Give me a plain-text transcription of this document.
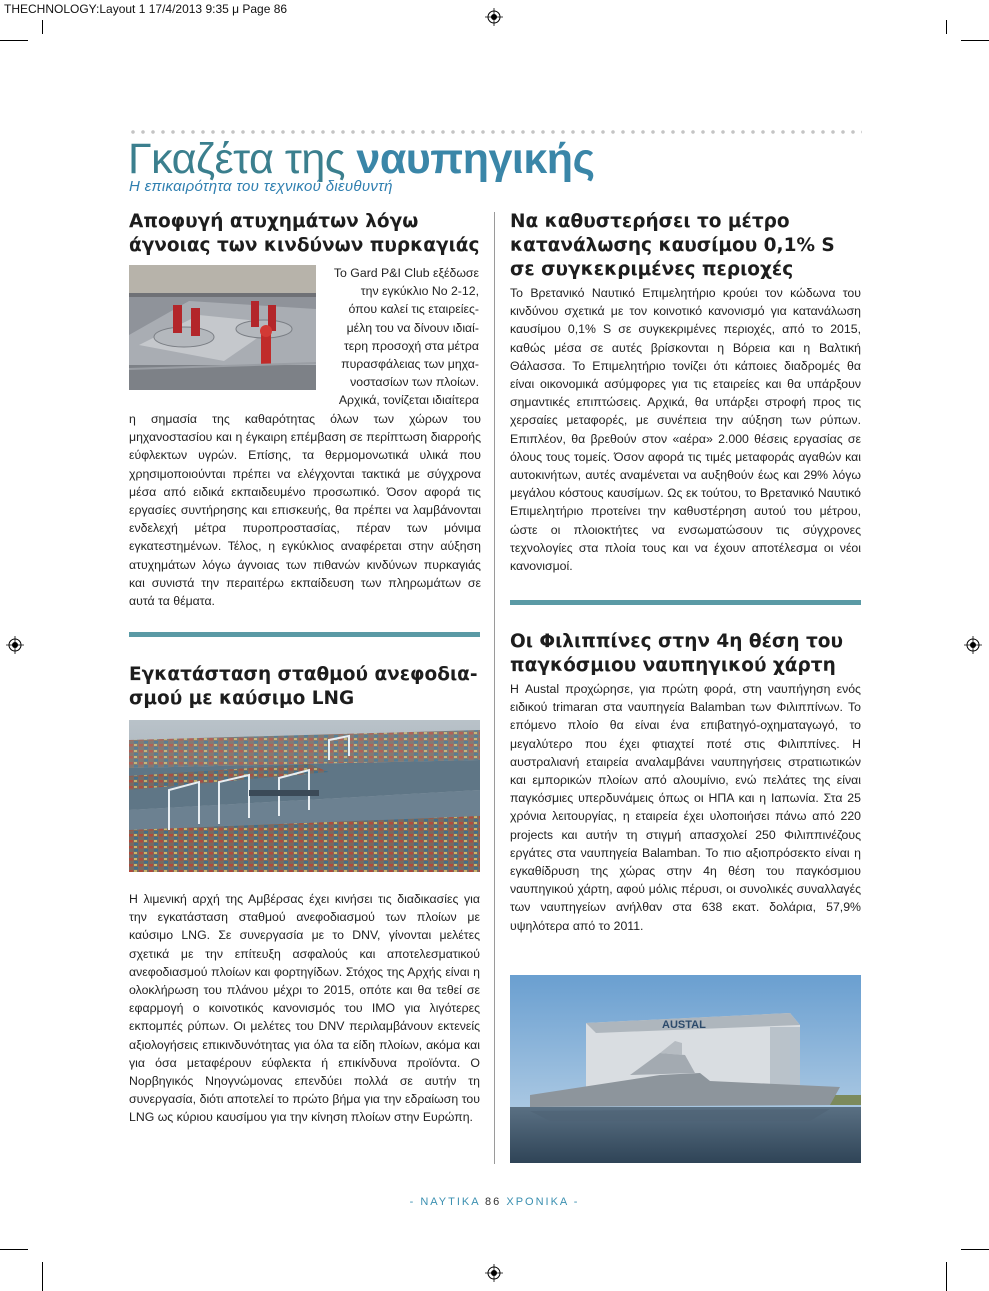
THECHNOLOGY:Layout 1 17/4/2013 9:35 μ Page 86
Γκαζέτα της ναυπηγικής
Η επικαιρότητα του τεχνικού διευθυντή
Αποφυγή ατυχημάτων λόγω
άγνοιας των κινδύνων πυρκαγιάς
Το Gard P&I Club εξέδωσε
την εγκύκλιο Νο 2-12,
όπου καλεί τις εταιρείες-
μέλη του να δίνουν ιδιαί-
τερη προσοχή στα μέτρα
πυρασφάλειας των μηχα-
νοστασίων των πλοίων.
Αρχικά, τονίζεται ιδιαίτερα

η σημασία της καθαρότητας όλων των χώρων του μηχανοστασίου και η έγκαιρη επέμβαση σε περίπτωση διαρροής εύφλεκτων υγρών. Επίσης, τα θερμομονωτικά υλικά που χρησιμοποιούνται πρέπει να ελέγχονται τακτικά με σύγχρονα μέσα από ειδικά εκπαιδευμένο προσωπικό. Όσον αφορά τις εργασίες συντήρησης και επισκευής, θα πρέπει να λαμβάνονται ενδελεχή μέτρα πυροπροστασίας, πέραν των μόνιμα εγκατεστημένων. Τέλος, η εγκύκλιος αναφέρεται στην αύξηση ατυχημάτων λόγω άγνοιας των πιθανών κινδύνων πυρκαγιάς και συνιστά την περαιτέρω εκπαίδευση των πληρωμάτων σε αυτά τα θέματα.

Εγκατάσταση σταθμού ανεφοδια-
σμού με καύσιμο LNG

Η λιμενική αρχή της Αμβέρσας έχει κινήσει τις διαδικασίες για την εγκατάσταση σταθμού ανεφοδιασμού των πλοίων με καύσιμο LNG. Σε συνεργασία με το DNV, γίνονται μελέτες σχετικά με την επίτευξη ασφαλούς και αποτελεσματικού ανεφοδιασμού πλοίων και φορτηγίδων. Στόχος της Αρχής είναι η ολοκλήρωση του πλάνου μέχρι το 2015, οπότε και θα τεθεί σε εφαρμογή ο κοινοτικός κανονισμός του ΙΜΟ για λιγότερες εκπομπές ρύπων. Οι μελέτες του DNV περιλαμβάνουν εκτενείς αξιολογήσεις επικινδυνότητας για όλα τα είδη πλοίων, ακόμα και για όσα μεταφέρουν εύφλεκτα ή επικίνδυνα προϊόντα. Ο Νορβηγικός Νηογνώμονας επενδύει πολλά σε αυτήν τη συνεργασία, διότι αποτελεί το πρώτο βήμα για την εδραίωση του LNG ως κύριου καυσίμου για την κίνηση πλοίων στην Ευρώπη.

Να καθυστερήσει το μέτρο
κατανάλωσης καυσίμου 0,1% S
σε συγκεκριμένες περιοχές

Το Βρετανικό Ναυτικό Επιμελητήριο κρούει τον κώδωνα του κινδύνου σχετικά με τον κοινοτικό κανονισμό για κατανάλωση καυσίμου 0,1% S σε συγκεκριμένες περιοχές, από το 2015, καθώς μέσα σε αυτές βρίσκονται η Βόρεια και η Βαλτική Θάλασσα. Το Επιμελητήριο τονίζει ότι κάποιες διαδρομές θα είναι οικονομικά ασύμφορες για τις εταιρείες και θα υπάρξουν σημαντικές επιπτώσεις. Αρχικά, θα υπάρξει στροφή προς τις χερσαίες μεταφορές, με συνέπεια την αύξηση των ρύπων. Επιπλέον, θα βρεθούν στον «αέρα» 2.000 θέσεις εργασίας σε όλους τους τομείς. Όσον αφορά τις τιμές μεταφοράς αγαθών και αυτοκινήτων, αυτές αναμένεται να αυξηθούν έως και 29% λόγω μεγάλου κόστους καυσίμων. Ως εκ τούτου, το Βρετανικό Ναυτικό Επιμελητήριο προτείνει την καθυστέρηση αυτού του μέτρου, ώστε οι πλοιοκτήτες να ενσωματώσουν τις σύγχρονες τεχνολογίες στα πλοία τους και να έχουν αποτέλεσμα οι νέοι κανονισμοί.

Οι Φιλιππίνες στην 4η θέση του
παγκόσμιου ναυπηγικού χάρτη

Η Austal προχώρησε, για πρώτη φορά, στη ναυπήγηση ενός ειδικού trimaran στα ναυπηγεία Balamban των Φιλιππίνων. Το επόμενο πλοίο θα είναι ένα επιβατηγό-οχηματαγωγό, το μεγαλύτερο που έχει φτιαχτεί ποτέ στις Φιλιππίνες. Η αυστραλιανή εταιρεία αναλαμβάνει ναυπηγήσεις στρατιωτικών και εμπορικών πλοίων από αλουμίνιο, ενώ πελάτες της είναι παγκόσμιες υπερδυνάμεις όπως οι ΗΠΑ και η Ιαπωνία. Στα 25 χρόνια λειτουργίας, η εταιρεία έχει υλοποιήσει πάνω από 220 projects και αυτήν τη στιγμή απασχολεί 250 Φιλιππινέζους εργάτες στα ναυπηγεία Balamban. Το πιο αξιοπρόσεκτο είναι η εγκαθίδρυση της χώρας στην 4η θέση του παγκόσμιου ναυπηγικού χάρτη, αφού μόλις πέρυσι, οι συνολικές συναλλαγές των ναυπηγείων ανήλθαν στα 638 εκατ. δολάρια, 57,9% υψηλότερα από το 2011.

AUSTAL
- ΝΑΥΤΙΚΑ 86 ΧΡΟΝΙΚΑ -
